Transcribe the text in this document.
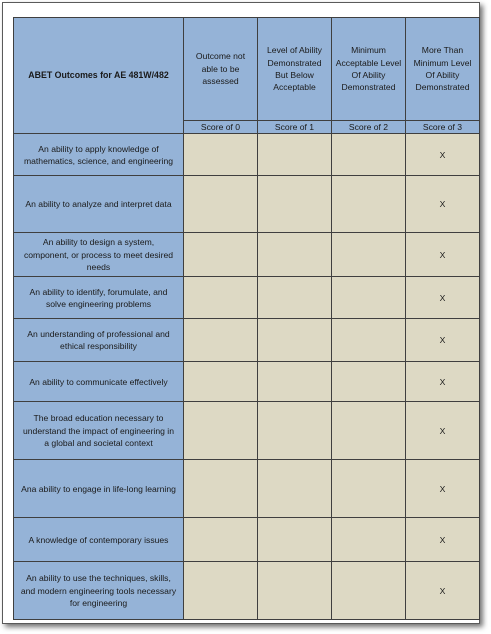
ABET Outcomes for AE 481W/482	Outcome not able to be assessed	Level of Ability Demonstrated But Below Acceptable	Minimum Acceptable Level Of Ability Demonstrated	More Than Minimum Level Of Ability Demonstrated
	Score of 0	Score of 1	Score of 2	Score of 3
An ability to apply knowledge of mathematics, science, and engineering				X
An ability to analyze and interpret data				X
An ability to design a system, component, or process to meet desired needs				X
An ability to identify, forumulate, and solve engineering problems				X
An understanding of professional and ethical responsibility				X
An ability to communicate effectively				X
The broad education necessary to understand the impact of engineering in a global and societal context				X
Ana ability to engage in life-long learning				X
A knowledge of contemporary issues				X
An ability to use the techniques, skills, and modern engineering tools necessary for engineering				X
